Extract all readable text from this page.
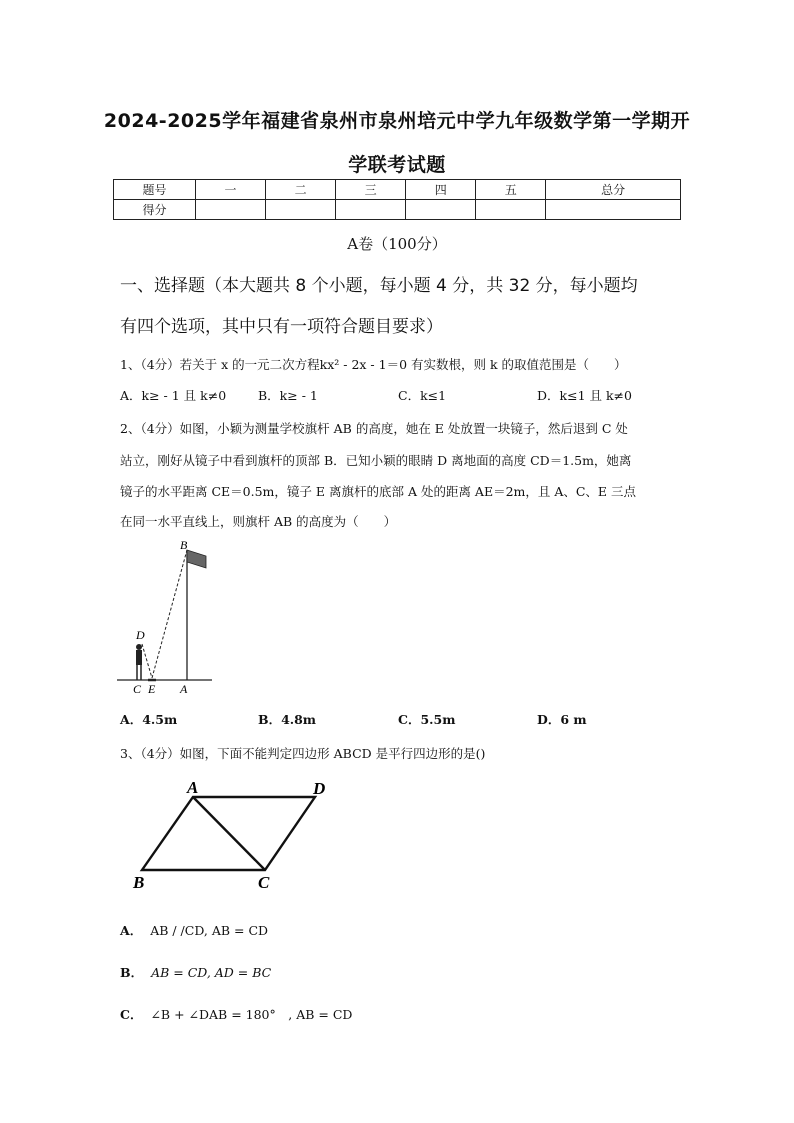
2024-2025学年福建省泉州市泉州培元中学九年级数学第一学期开
学联考试题
题号	一	二	三	四	五	总分
得分						
A卷（100分）
一、选择题（本大题共 8 个小题，每小题 4 分，共 32 分，每小题均
有四个选项，其中只有一项符合题目要求）
1、（4分）若关于 x 的一元二次方程kx² - 2x - 1＝0 有实数根，则 k 的取值范围是（　　）
A．k≥ - 1 且 k≠0	B．k≥ - 1	C．k≤1	D．k≤1 且 k≠0
2、（4分）如图，小颖为测量学校旗杆 AB 的高度，她在 E 处放置一块镜子，然后退到 C 处
站立，刚好从镜子中看到旗杆的顶部 B．已知小颖的眼睛 D 离地面的高度 CD＝1.5m，她离
镜子的水平距离 CE＝0.5m，镜子 E 离旗杆的底部 A 处的距离 AE＝2m，且 A、C、E 三点
在同一水平直线上，则旗杆 AB 的高度为（　　）
B
D
C E A
A．4.5m	B．4.8m	C．5.5m	D．6 m
3、（4分）如图，下面不能判定四边形 ABCD 是平行四边形的是()
A	D
B	C
A． AB / /CD, AB = CD
B． AB = CD, AD = BC
C． ∠B + ∠DAB = 180°　, AB = CD
